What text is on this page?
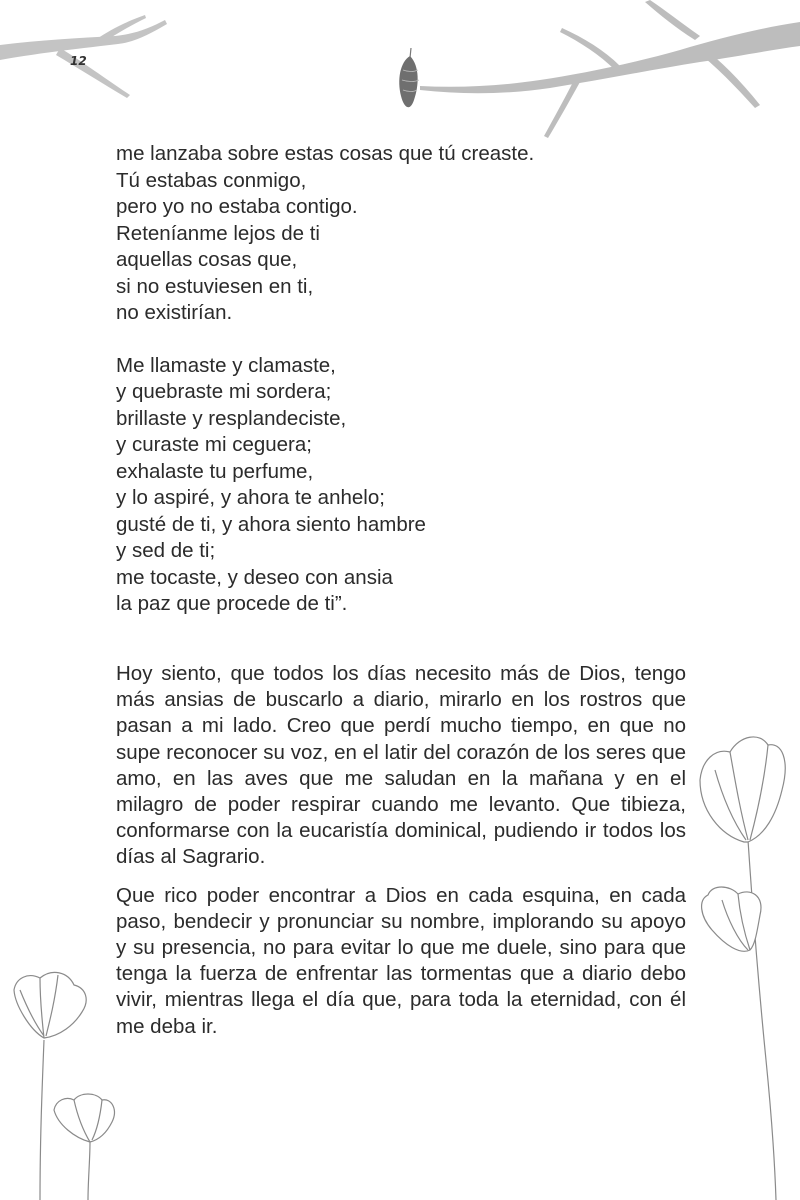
12

me lanzaba sobre estas cosas que tú creaste.
Tú estabas conmigo,
pero yo no estaba contigo.
Reteníanme lejos de ti
aquellas cosas que,
si no estuviesen en ti,
no existirían.

Me llamaste y clamaste,
y quebraste mi sordera;
brillaste y resplandeciste,
y curaste mi ceguera;
exhalaste tu perfume,
y lo aspiré, y ahora te anhelo;
gusté de ti, y ahora siento hambre
y sed de ti;
me tocaste, y deseo con ansia
la paz que procede de ti”.

Hoy siento, que todos los días necesito más de Dios, tengo más ansias de buscarlo a diario, mirarlo en los rostros que pasan a mi lado. Creo que perdí mucho tiempo, en que no supe reconocer su voz, en el latir del corazón de los seres que amo, en las aves que me saludan en la mañana y en el milagro de poder respirar cuando me levanto. Que tibieza, conformarse con la eucaristía dominical, pudiendo ir todos los días al Sagrario.

Que rico poder encontrar a Dios en cada esquina, en cada paso, bendecir y pronunciar su nombre, implorando su apoyo y su presencia, no para evitar lo que me duele, sino para que tenga la fuerza de enfrentar las tormentas que a diario debo vivir, mientras llega el día que, para toda la eternidad, con él me deba ir.
